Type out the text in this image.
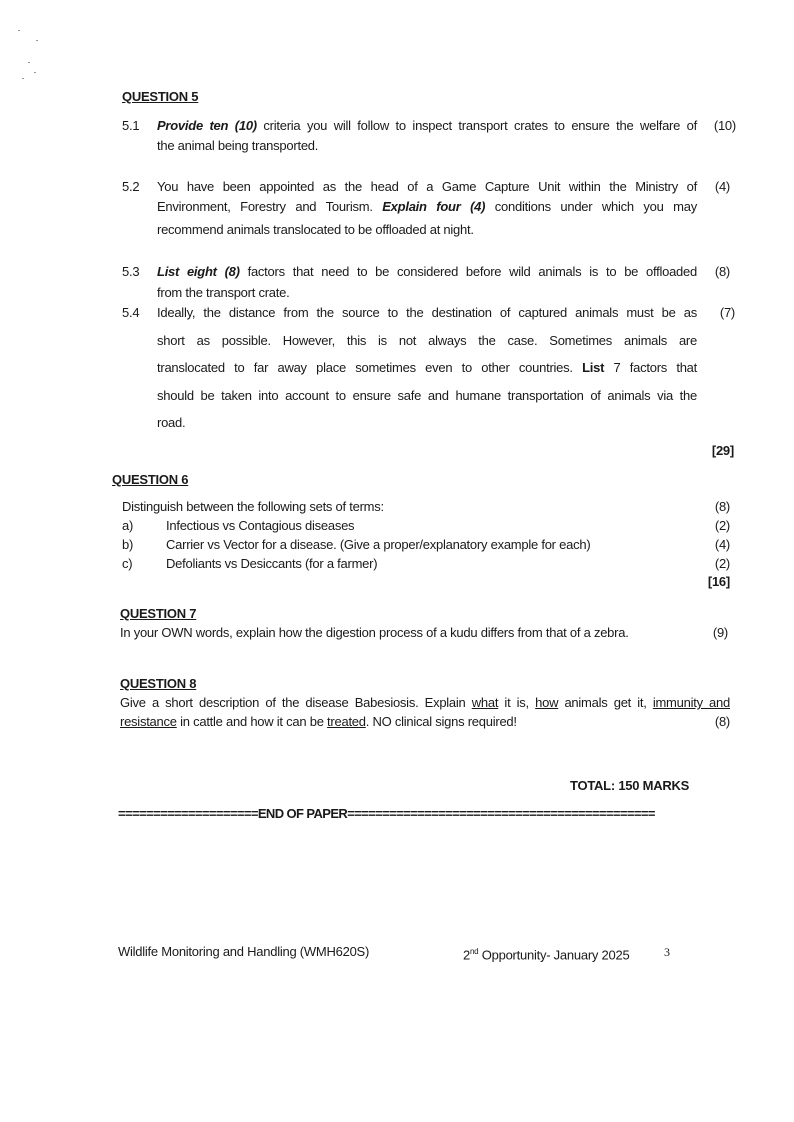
QUESTION 5
5.1	(10)
Provide ten (10) criteria you will follow to inspect transport crates to ensure the welfare of
the animal being transported.
5.2	(4)
You have been appointed as the head of a Game Capture Unit within the Ministry of
Environment, Forestry and Tourism. Explain four (4) conditions under which you may
recommend animals translocated to be offloaded at night.
5.3	(8)
List eight (8) factors that need to be considered before wild animals is to be offloaded
from the transport crate.
5.4	(7)
Ideally, the distance from the source to the destination of captured animals must be as
short as possible. However, this is not always the case. Sometimes animals are
translocated to far away place sometimes even to other countries. List 7 factors that
should be taken into account to ensure safe and humane transportation of animals via the
road.
[29]
QUESTION 6
Distinguish between the following sets of terms:	(8)
a)	Infectious vs Contagious diseases	(2)
b)	Carrier vs Vector for a disease. (Give a proper/explanatory example for each)	(4)
c)	Defoliants vs Desiccants (for a farmer)	(2)
[16]
QUESTION 7
In your OWN words, explain how the digestion process of a kudu differs from that of a zebra.	(9)
QUESTION 8
Give a short description of the disease Babesiosis. Explain what it is, how animals get it, immunity and
resistance in cattle and how it can be treated. NO clinical signs required!	(8)
TOTAL: 150 MARKS
====================END OF PAPER============================================
Wildlife Monitoring and Handling (WMH620S)	2nd Opportunity- January 2025	3
